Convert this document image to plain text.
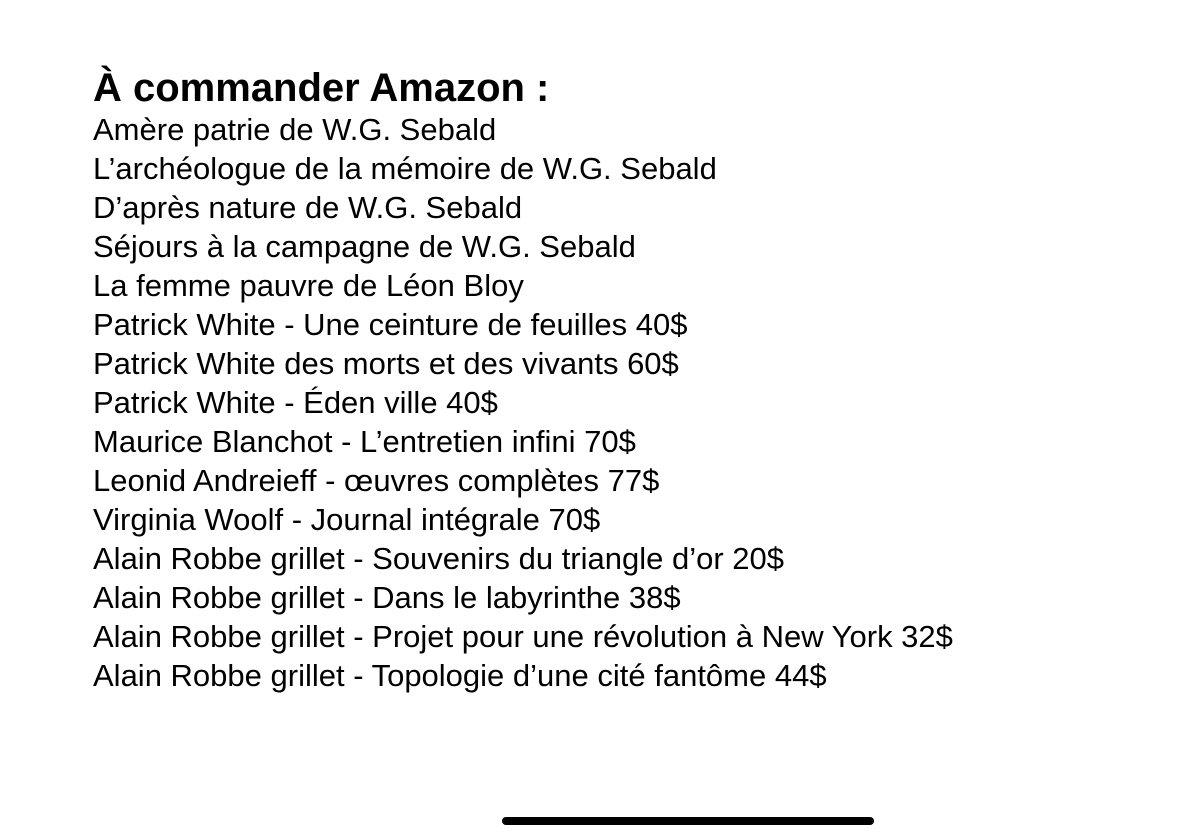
À commander Amazon :
Amère patrie de W.G. Sebald
L’archéologue de la mémoire de W.G. Sebald
D’après nature de W.G. Sebald
Séjours à la campagne de W.G. Sebald
La femme pauvre de Léon Bloy
Patrick White - Une ceinture de feuilles 40$
Patrick White des morts et des vivants 60$
Patrick White - Éden ville 40$
Maurice Blanchot - L’entretien infini 70$
Leonid Andreieff - œuvres complètes 77$
Virginia Woolf - Journal intégrale 70$
Alain Robbe grillet - Souvenirs du triangle d’or 20$
Alain Robbe grillet - Dans le labyrinthe 38$
Alain Robbe grillet - Projet pour une révolution à New York 32$
Alain Robbe grillet - Topologie d’une cité fantôme 44$
